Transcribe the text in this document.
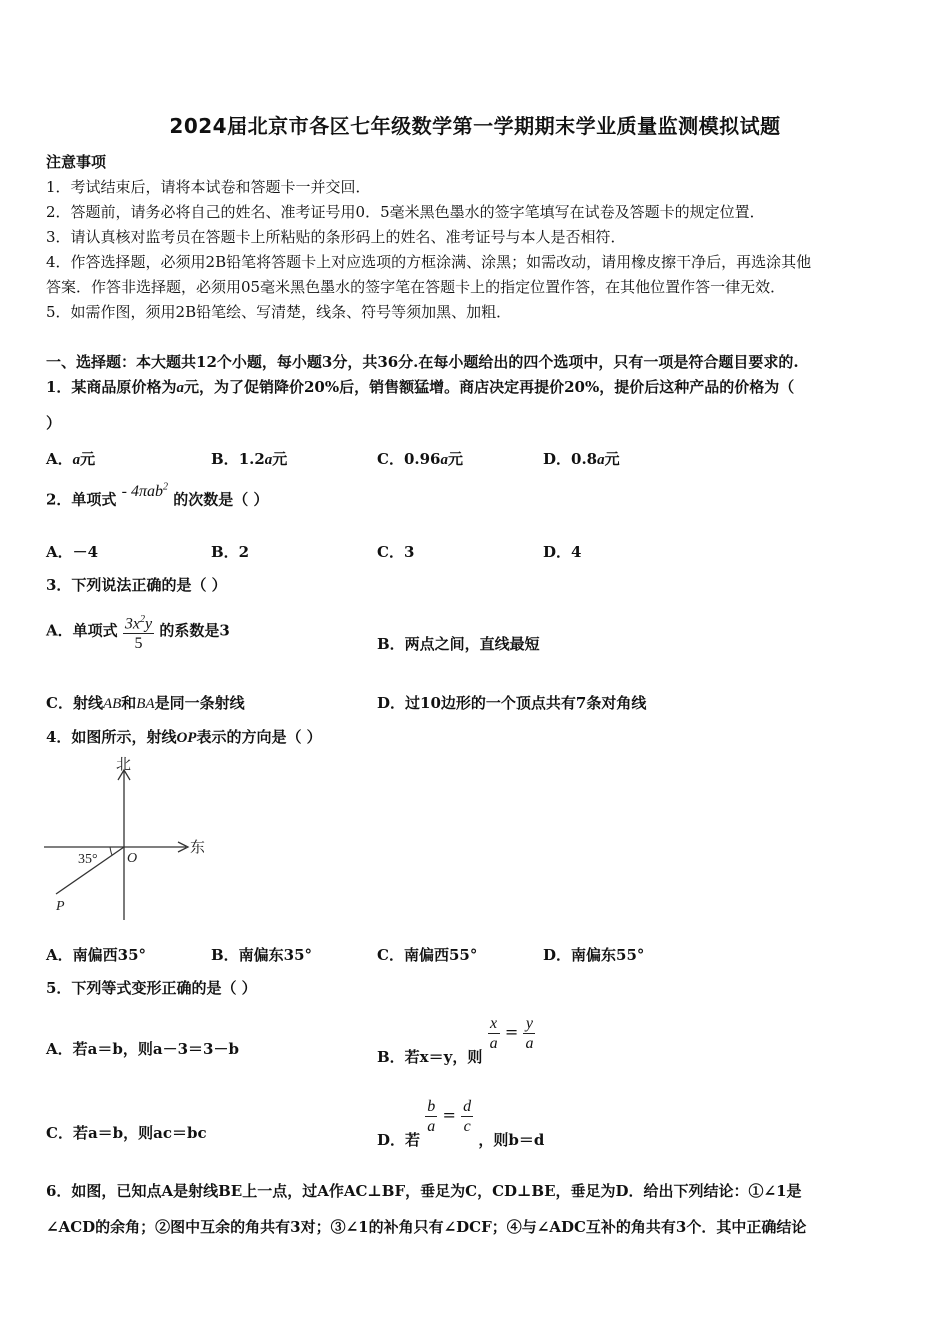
2024届北京市各区七年级数学第一学期期末学业质量监测模拟试题
注意事项
1．考试结束后，请将本试卷和答题卡一并交回．
2．答题前，请务必将自己的姓名、准考证号用0．5毫米黑色墨水的签字笔填写在试卷及答题卡的规定位置．
3．请认真核对监考员在答题卡上所粘贴的条形码上的姓名、准考证号与本人是否相符．
4．作答选择题，必须用2B铅笔将答题卡上对应选项的方框涂满、涂黑；如需改动，请用橡皮擦干净后，再选涂其他
答案．作答非选择题，必须用05毫米黑色墨水的签字笔在答题卡上的指定位置作答，在其他位置作答一律无效．
5．如需作图，须用2B铅笔绘、写清楚，线条、符号等须加黑、加粗．
一、选择题：本大题共12个小题，每小题3分，共36分.在每小题给出的四个选项中，只有一项是符合题目要求的.
1．某商品原价格为a元，为了促销降价20%后，销售额猛增。商店决定再提价20%，提价后这种产品的价格为（
）
A．a元	B．1.2a元	C．0.96a元	D．0.8a元
2．单项式 - 4πab$^2$ 的次数是（ ）
A．－4	B．2	C．3	D．4
3．下列说法正确的是（ ）
A．单项式 $\frac{3x^2y}{5}$ 的系数是3
B．两点之间，直线最短
C．射线AB和BA是同一条射线	D．过10边形的一个顶点共有7条对角线
4．如图所示，射线OP表示的方向是（ ）
北
东
35° O
P
A．南偏西35°	B．南偏东35°	C．南偏西55°	D．南偏东55°
5．下列等式变形正确的是（ ）
A．若a＝b，则a－3＝3－b	B．若x＝y，则
$\frac{x}{a} = \frac{y}{a}$
C．若a＝b，则ac＝bc	D．若
$\frac{b}{a} = \frac{d}{c}$
，则b＝d
6．如图，已知点A是射线BE上一点，过A作AC⊥BF，垂足为C，CD⊥BE，垂足为D．给出下列结论：①∠1是
∠ACD的余角；②图中互余的角共有3对；③∠1的补角只有∠DCF；④与∠ADC互补的角共有3个．其中正确结论
